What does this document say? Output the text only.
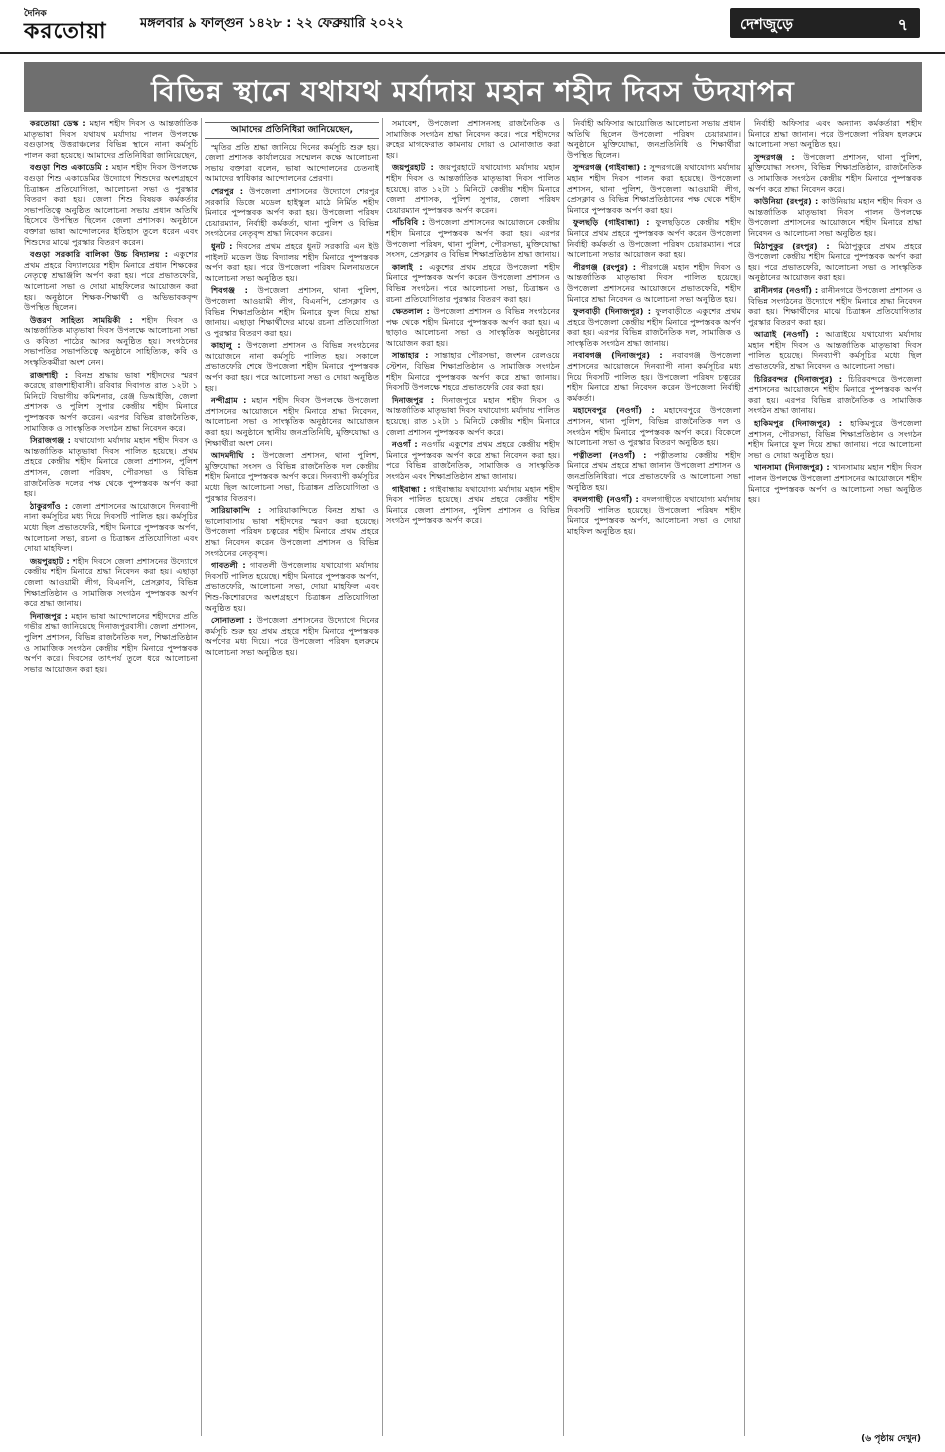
দৈনিক
করতোয়া	মঙ্গলবার ৯ ফাল্গুন ১৪২৮ : ২২ ফেব্রুয়ারি ২০২২	দেশজুড়ে	৭
বিভিন্ন স্থানে যথাযথ মর্যাদায় মহান শহীদ দিবস উদযাপন

করতোয়া ডেস্ক : মহান শহীদ দিবস ও আন্তর্জাতিক মাতৃভাষা দিবস যথাযথ মর্যাদায় পালন উপলক্ষে বগুড়াসহ উত্তরাঞ্চলের বিভিন্ন স্থানে নানা কর্মসূচি পালন করা হয়েছে। আমাদের প্রতিনিধিরা জানিয়েছেন,

বগুড়া শিশু একাডেমি : মহান শহীদ দিবস উপলক্ষে বগুড়া শিশু একাডেমির উদ্যোগে শিশুদের অংশগ্রহণে চিত্রাঙ্কন প্রতিযোগিতা, আলোচনা সভা ও পুরস্কার বিতরণ করা হয়। জেলা শিশু বিষয়ক কর্মকর্তার সভাপতিত্বে অনুষ্ঠিত আলোচনা সভায় প্রধান অতিথি হিসেবে উপস্থিত ছিলেন জেলা প্রশাসক। অনুষ্ঠানে বক্তারা ভাষা আন্দোলনের ইতিহাস তুলে ধরেন এবং শিশুদের মাঝে পুরস্কার বিতরণ করেন।

বগুড়া সরকারি বালিকা উচ্চ বিদ্যালয় : একুশের প্রথম প্রহরে বিদ্যালয়ের শহীদ মিনারে প্রধান শিক্ষকের নেতৃত্বে শ্রদ্ধাঞ্জলি অর্পণ করা হয়। পরে প্রভাতফেরি, আলোচনা সভা ও দোয়া মাহফিলের আয়োজন করা হয়। অনুষ্ঠানে শিক্ষক-শিক্ষার্থী ও অভিভাবকবৃন্দ উপস্থিত ছিলেন।

উত্তরণ সাহিত্য সাময়িকী : শহীদ দিবস ও আন্তর্জাতিক মাতৃভাষা দিবস উপলক্ষে আলোচনা সভা ও কবিতা পাঠের আসর অনুষ্ঠিত হয়। সংগঠনের সভাপতির সভাপতিত্বে অনুষ্ঠানে সাহিত্যিক, কবি ও সংস্কৃতিকর্মীরা অংশ নেন।

রাজশাহী : বিনম্র শ্রদ্ধায় ভাষা শহীদদের স্মরণ করেছে রাজশাহীবাসী। রবিবার দিবাগত রাত ১২টা ১ মিনিটে বিভাগীয় কমিশনার, রেঞ্জ ডিআইজি, জেলা প্রশাসক ও পুলিশ সুপার কেন্দ্রীয় শহীদ মিনারে পুষ্পস্তবক অর্পণ করেন। এরপর বিভিন্ন রাজনৈতিক, সামাজিক ও সাংস্কৃতিক সংগঠন শ্রদ্ধা নিবেদন করে।

সিরাজগঞ্জ : যথাযোগ্য মর্যাদায় মহান শহীদ দিবস ও আন্তর্জাতিক মাতৃভাষা দিবস পালিত হয়েছে। প্রথম প্রহরে কেন্দ্রীয় শহীদ মিনারে জেলা প্রশাসন, পুলিশ প্রশাসন, জেলা পরিষদ, পৌরসভা ও বিভিন্ন রাজনৈতিক দলের পক্ষ থেকে পুষ্পস্তবক অর্পণ করা হয়।

ঠাকুরগাঁও : জেলা প্রশাসনের আয়োজনে দিনব্যাপী নানা কর্মসূচির মধ্য দিয়ে দিবসটি পালিত হয়। কর্মসূচির মধ্যে ছিল প্রভাতফেরি, শহীদ মিনারে পুষ্পস্তবক অর্পণ, আলোচনা সভা, রচনা ও চিত্রাঙ্কন প্রতিযোগিতা এবং দোয়া মাহফিল।

জয়পুরহাট : শহীদ দিবসে জেলা প্রশাসনের উদ্যোগে কেন্দ্রীয় শহীদ মিনারে শ্রদ্ধা নিবেদন করা হয়। এছাড়া জেলা আওয়ামী লীগ, বিএনপি, প্রেসক্লাব, বিভিন্ন শিক্ষাপ্রতিষ্ঠান ও সামাজিক সংগঠন পুষ্পস্তবক অর্পণ করে শ্রদ্ধা জানায়।

দিনাজপুর : মহান ভাষা আন্দোলনের শহীদদের প্রতি গভীর শ্রদ্ধা জানিয়েছে দিনাজপুরবাসী। জেলা প্রশাসন, পুলিশ প্রশাসন, বিভিন্ন রাজনৈতিক দল, শিক্ষাপ্রতিষ্ঠান ও সামাজিক সংগঠন কেন্দ্রীয় শহীদ মিনারে পুষ্পস্তবক অর্পণ করে। দিবসের তাৎপর্য তুলে ধরে আলোচনা সভার আয়োজন করা হয়।

আমাদের প্রতিনিধিরা জানিয়েছেন,

স্মৃতির প্রতি শ্রদ্ধা জানিয়ে দিনের কর্মসূচি শুরু হয়। জেলা প্রশাসক কার্যালয়ের সম্মেলন কক্ষে আলোচনা সভায় বক্তারা বলেন, ভাষা আন্দোলনের চেতনাই আমাদের স্বাধিকার আন্দোলনের প্রেরণা।

শেরপুর : উপজেলা প্রশাসনের উদ্যোগে শেরপুর সরকারি ডিজে মডেল হাইস্কুল মাঠে নির্মিত শহীদ মিনারে পুষ্পস্তবক অর্পণ করা হয়। উপজেলা পরিষদ চেয়ারম্যান, নির্বাহী কর্মকর্তা, থানা পুলিশ ও বিভিন্ন সংগঠনের নেতৃবৃন্দ শ্রদ্ধা নিবেদন করেন।

ধুনট : দিবসের প্রথম প্রহরে ধুনট সরকারি এন ইউ পাইলট মডেল উচ্চ বিদ্যালয় শহীদ মিনারে পুষ্পস্তবক অর্পণ করা হয়। পরে উপজেলা পরিষদ মিলনায়তনে আলোচনা সভা অনুষ্ঠিত হয়।

শিবগঞ্জ : উপজেলা প্রশাসন, থানা পুলিশ, উপজেলা আওয়ামী লীগ, বিএনপি, প্রেসক্লাব ও বিভিন্ন শিক্ষাপ্রতিষ্ঠান শহীদ মিনারে ফুল দিয়ে শ্রদ্ধা জানায়। এছাড়া শিক্ষার্থীদের মাঝে রচনা প্রতিযোগিতা ও পুরস্কার বিতরণ করা হয়।

কাহালু : উপজেলা প্রশাসন ও বিভিন্ন সংগঠনের আয়োজনে নানা কর্মসূচি পালিত হয়। সকালে প্রভাতফেরি শেষে উপজেলা শহীদ মিনারে পুষ্পস্তবক অর্পণ করা হয়। পরে আলোচনা সভা ও দোয়া অনুষ্ঠিত হয়।

নন্দীগ্রাম : মহান শহীদ দিবস উপলক্ষে উপজেলা প্রশাসনের আয়োজনে শহীদ মিনারে শ্রদ্ধা নিবেদন, আলোচনা সভা ও সাংস্কৃতিক অনুষ্ঠানের আয়োজন করা হয়। অনুষ্ঠানে স্থানীয় জনপ্রতিনিধি, মুক্তিযোদ্ধা ও শিক্ষার্থীরা অংশ নেন।

আদমদীঘি : উপজেলা প্রশাসন, থানা পুলিশ, মুক্তিযোদ্ধা সংসদ ও বিভিন্ন রাজনৈতিক দল কেন্দ্রীয় শহীদ মিনারে পুষ্পস্তবক অর্পণ করে। দিনব্যাপী কর্মসূচির মধ্যে ছিল আলোচনা সভা, চিত্রাঙ্কন প্রতিযোগিতা ও পুরস্কার বিতরণ।

সারিয়াকান্দি : সারিয়াকান্দিতে বিনম্র শ্রদ্ধা ও ভালোবাসায় ভাষা শহীদদের স্মরণ করা হয়েছে। উপজেলা পরিষদ চত্বরের শহীদ মিনারে প্রথম প্রহরে শ্রদ্ধা নিবেদন করেন উপজেলা প্রশাসন ও বিভিন্ন সংগঠনের নেতৃবৃন্দ।

গাবতলী : গাবতলী উপজেলায় যথাযোগ্য মর্যাদায় দিবসটি পালিত হয়েছে। শহীদ মিনারে পুষ্পস্তবক অর্পণ, প্রভাতফেরি, আলোচনা সভা, দোয়া মাহফিল এবং শিশু-কিশোরদের অংশগ্রহণে চিত্রাঙ্কন প্রতিযোগিতা অনুষ্ঠিত হয়।

সোনাতলা : উপজেলা প্রশাসনের উদ্যোগে দিনের কর্মসূচি শুরু হয় প্রথম প্রহরে শহীদ মিনারে পুষ্পস্তবক অর্পণের মধ্য দিয়ে। পরে উপজেলা পরিষদ হলরুমে আলোচনা সভা অনুষ্ঠিত হয়।

সমাবেশ, উপজেলা প্রশাসনসহ রাজনৈতিক ও সামাজিক সংগঠন শ্রদ্ধা নিবেদন করে। পরে শহীদদের রুহের মাগফেরাত কামনায় দোয়া ও মোনাজাত করা হয়।

জয়পুরহাট : জয়পুরহাটে যথাযোগ্য মর্যাদায় মহান শহীদ দিবস ও আন্তর্জাতিক মাতৃভাষা দিবস পালিত হয়েছে। রাত ১২টা ১ মিনিটে কেন্দ্রীয় শহীদ মিনারে জেলা প্রশাসক, পুলিশ সুপার, জেলা পরিষদ চেয়ারম্যান পুষ্পস্তবক অর্পণ করেন।

পাঁচবিবি : উপজেলা প্রশাসনের আয়োজনে কেন্দ্রীয় শহীদ মিনারে পুষ্পস্তবক অর্পণ করা হয়। এরপর উপজেলা পরিষদ, থানা পুলিশ, পৌরসভা, মুক্তিযোদ্ধা সংসদ, প্রেসক্লাব ও বিভিন্ন শিক্ষাপ্রতিষ্ঠান শ্রদ্ধা জানায়।

কালাই : একুশের প্রথম প্রহরে উপজেলা শহীদ মিনারে পুষ্পস্তবক অর্পণ করেন উপজেলা প্রশাসন ও বিভিন্ন সংগঠন। পরে আলোচনা সভা, চিত্রাঙ্কন ও রচনা প্রতিযোগিতার পুরস্কার বিতরণ করা হয়।

ক্ষেতলাল : উপজেলা প্রশাসন ও বিভিন্ন সংগঠনের পক্ষ থেকে শহীদ মিনারে পুষ্পস্তবক অর্পণ করা হয়। এ ছাড়াও আলোচনা সভা ও সাংস্কৃতিক অনুষ্ঠানের আয়োজন করা হয়।

সান্তাহার : সান্তাহার পৌরসভা, জংশন রেলওয়ে স্টেশন, বিভিন্ন শিক্ষাপ্রতিষ্ঠান ও সামাজিক সংগঠন শহীদ মিনারে পুষ্পস্তবক অর্পণ করে শ্রদ্ধা জানায়। দিবসটি উপলক্ষে শহরে প্রভাতফেরি বের করা হয়।

দিনাজপুর : দিনাজপুরে মহান শহীদ দিবস ও আন্তর্জাতিক মাতৃভাষা দিবস যথাযোগ্য মর্যাদায় পালিত হয়েছে। রাত ১২টা ১ মিনিটে কেন্দ্রীয় শহীদ মিনারে জেলা প্রশাসন পুষ্পস্তবক অর্পণ করে।

নওগাঁ : নওগাঁয় একুশের প্রথম প্রহরে কেন্দ্রীয় শহীদ মিনারে পুষ্পস্তবক অর্পণ করে শ্রদ্ধা নিবেদন করা হয়। পরে বিভিন্ন রাজনৈতিক, সামাজিক ও সাংস্কৃতিক সংগঠন এবং শিক্ষাপ্রতিষ্ঠান শ্রদ্ধা জানায়।

গাইবান্ধা : গাইবান্ধায় যথাযোগ্য মর্যাদায় মহান শহীদ দিবস পালিত হয়েছে। প্রথম প্রহরে কেন্দ্রীয় শহীদ মিনারে জেলা প্রশাসন, পুলিশ প্রশাসন ও বিভিন্ন সংগঠন পুষ্পস্তবক অর্পণ করে।

নির্বাহী অফিসার আয়োজিত আলোচনা সভায় প্রধান অতিথি ছিলেন উপজেলা পরিষদ চেয়ারম্যান। অনুষ্ঠানে মুক্তিযোদ্ধা, জনপ্রতিনিধি ও শিক্ষার্থীরা উপস্থিত ছিলেন।

সুন্দরগঞ্জ (গাইবান্ধা) : সুন্দরগঞ্জে যথাযোগ্য মর্যাদায় মহান শহীদ দিবস পালন করা হয়েছে। উপজেলা প্রশাসন, থানা পুলিশ, উপজেলা আওয়ামী লীগ, প্রেসক্লাব ও বিভিন্ন শিক্ষাপ্রতিষ্ঠানের পক্ষ থেকে শহীদ মিনারে পুষ্পস্তবক অর্পণ করা হয়।

ফুলছড়ি (গাইবান্ধা) : ফুলছড়িতে কেন্দ্রীয় শহীদ মিনারে প্রথম প্রহরে পুষ্পস্তবক অর্পণ করেন উপজেলা নির্বাহী কর্মকর্তা ও উপজেলা পরিষদ চেয়ারম্যান। পরে আলোচনা সভার আয়োজন করা হয়।

পীরগঞ্জ (রংপুর) : পীরগঞ্জে মহান শহীদ দিবস ও আন্তর্জাতিক মাতৃভাষা দিবস পালিত হয়েছে। উপজেলা প্রশাসনের আয়োজনে প্রভাতফেরি, শহীদ মিনারে শ্রদ্ধা নিবেদন ও আলোচনা সভা অনুষ্ঠিত হয়।

ফুলবাড়ী (দিনাজপুর) : ফুলবাড়ীতে একুশের প্রথম প্রহরে উপজেলা কেন্দ্রীয় শহীদ মিনারে পুষ্পস্তবক অর্পণ করা হয়। এরপর বিভিন্ন রাজনৈতিক দল, সামাজিক ও সাংস্কৃতিক সংগঠন শ্রদ্ধা জানায়।

নবাবগঞ্জ (দিনাজপুর) : নবাবগঞ্জ উপজেলা প্রশাসনের আয়োজনে দিনব্যাপী নানা কর্মসূচির মধ্য দিয়ে দিবসটি পালিত হয়। উপজেলা পরিষদ চত্বরের শহীদ মিনারে শ্রদ্ধা নিবেদন করেন উপজেলা নির্বাহী কর্মকর্তা।

মহাদেবপুর (নওগাঁ) : মহাদেবপুরে উপজেলা প্রশাসন, থানা পুলিশ, বিভিন্ন রাজনৈতিক দল ও সংগঠন শহীদ মিনারে পুষ্পস্তবক অর্পণ করে। বিকেলে আলোচনা সভা ও পুরস্কার বিতরণ অনুষ্ঠিত হয়।

পত্নীতলা (নওগাঁ) : পত্নীতলায় কেন্দ্রীয় শহীদ মিনারে প্রথম প্রহরে শ্রদ্ধা জানান উপজেলা প্রশাসন ও জনপ্রতিনিধিরা। পরে প্রভাতফেরি ও আলোচনা সভা অনুষ্ঠিত হয়।

বদলগাছী (নওগাঁ) : বদলগাছীতে যথাযোগ্য মর্যাদায় দিবসটি পালিত হয়েছে। উপজেলা পরিষদ শহীদ মিনারে পুষ্পস্তবক অর্পণ, আলোচনা সভা ও দোয়া মাহফিল অনুষ্ঠিত হয়।

নির্বাহী অফিসার এবং অন্যান্য কর্মকর্তারা শহীদ মিনারে শ্রদ্ধা জানান। পরে উপজেলা পরিষদ হলরুমে আলোচনা সভা অনুষ্ঠিত হয়।

সুন্দরগঞ্জ : উপজেলা প্রশাসন, থানা পুলিশ, মুক্তিযোদ্ধা সংসদ, বিভিন্ন শিক্ষাপ্রতিষ্ঠান, রাজনৈতিক ও সামাজিক সংগঠন কেন্দ্রীয় শহীদ মিনারে পুষ্পস্তবক অর্পণ করে শ্রদ্ধা নিবেদন করে।

কাউনিয়া (রংপুর) : কাউনিয়ায় মহান শহীদ দিবস ও আন্তর্জাতিক মাতৃভাষা দিবস পালন উপলক্ষে উপজেলা প্রশাসনের আয়োজনে শহীদ মিনারে শ্রদ্ধা নিবেদন ও আলোচনা সভা অনুষ্ঠিত হয়।

মিঠাপুকুর (রংপুর) : মিঠাপুকুরে প্রথম প্রহরে উপজেলা কেন্দ্রীয় শহীদ মিনারে পুষ্পস্তবক অর্পণ করা হয়। পরে প্রভাতফেরি, আলোচনা সভা ও সাংস্কৃতিক অনুষ্ঠানের আয়োজন করা হয়।

রানীনগর (নওগাঁ) : রানীনগরে উপজেলা প্রশাসন ও বিভিন্ন সংগঠনের উদ্যোগে শহীদ মিনারে শ্রদ্ধা নিবেদন করা হয়। শিক্ষার্থীদের মাঝে চিত্রাঙ্কন প্রতিযোগিতার পুরস্কার বিতরণ করা হয়।

আত্রাই (নওগাঁ) : আত্রাইয়ে যথাযোগ্য মর্যাদায় মহান শহীদ দিবস ও আন্তর্জাতিক মাতৃভাষা দিবস পালিত হয়েছে। দিনব্যাপী কর্মসূচির মধ্যে ছিল প্রভাতফেরি, শ্রদ্ধা নিবেদন ও আলোচনা সভা।

চিরিরবন্দর (দিনাজপুর) : চিরিরবন্দরে উপজেলা প্রশাসনের আয়োজনে শহীদ মিনারে পুষ্পস্তবক অর্পণ করা হয়। এরপর বিভিন্ন রাজনৈতিক ও সামাজিক সংগঠন শ্রদ্ধা জানায়।

হাকিমপুর (দিনাজপুর) : হাকিমপুরে উপজেলা প্রশাসন, পৌরসভা, বিভিন্ন শিক্ষাপ্রতিষ্ঠান ও সংগঠন শহীদ মিনারে ফুল দিয়ে শ্রদ্ধা জানায়। পরে আলোচনা সভা ও দোয়া অনুষ্ঠিত হয়।

খানসামা (দিনাজপুর) : খানসামায় মহান শহীদ দিবস পালন উপলক্ষে উপজেলা প্রশাসনের আয়োজনে শহীদ মিনারে পুষ্পস্তবক অর্পণ ও আলোচনা সভা অনুষ্ঠিত হয়।

(৬ পৃষ্ঠায় দেখুন)
